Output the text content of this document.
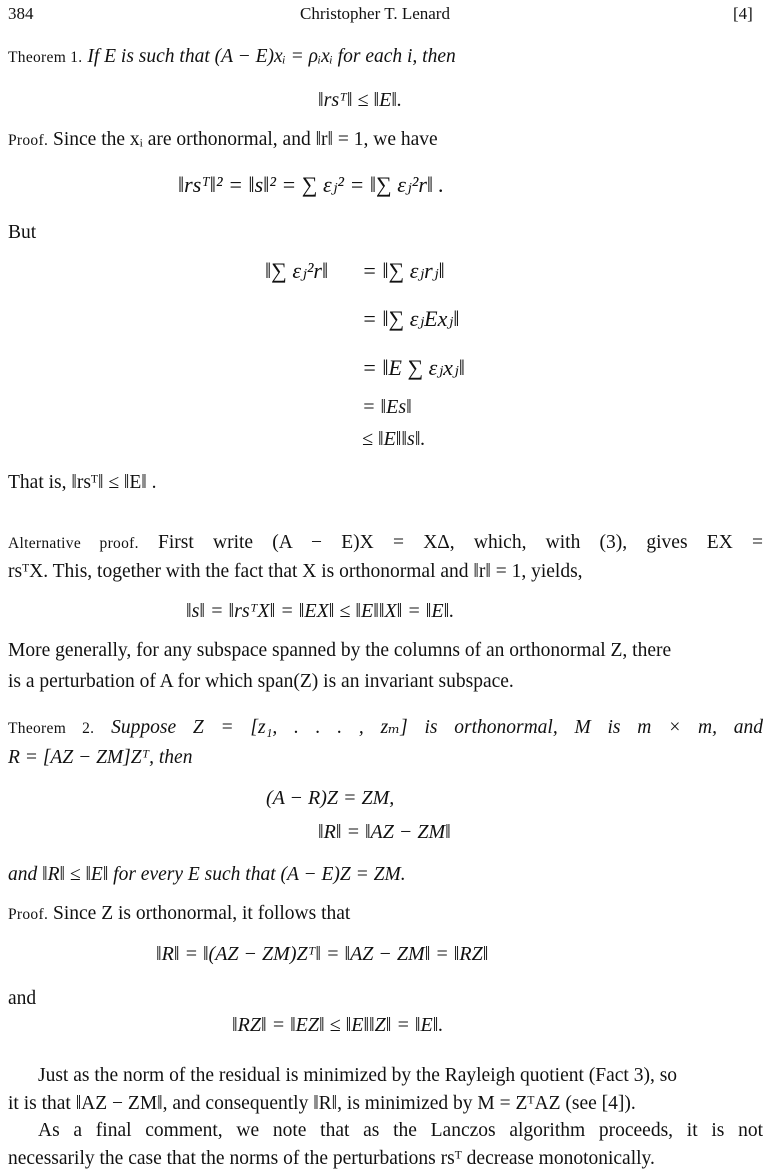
384	Christopher T. Lenard	[4]
Theorem 1. If E is such that (A − E)xᵢ = ρᵢxᵢ for each i, then
‖rsᵀ‖ ≤ ‖E‖.
Proof. Since the xᵢ are orthonormal, and ‖r‖ = 1, we have
‖rsᵀ‖² = ‖s‖² = ∑ εⱼ² = ‖∑ εⱼ²r‖ .
But
‖∑ εⱼ²r‖ = ‖∑ εⱼrⱼ‖
= ‖∑ εⱼExⱼ‖
= ‖E ∑ εⱼxⱼ‖
= ‖Es‖
≤ ‖E‖‖s‖.
That is, ‖rsᵀ‖ ≤ ‖E‖ .
Alternative proof. First write (A − E)X = XΔ, which, with (3), gives EX =
rsᵀX. This, together with the fact that X is orthonormal and ‖r‖ = 1, yields,
‖s‖ = ‖rsᵀX‖ = ‖EX‖ ≤ ‖E‖‖X‖ = ‖E‖.
More generally, for any subspace spanned by the columns of an orthonormal Z, there
is a perturbation of A for which span(Z) is an invariant subspace.
Theorem 2. Suppose Z = [z₁, . . . , zₘ] is orthonormal, M is m × m, and
R = [AZ − ZM]Zᵀ, then
(A − R)Z = ZM,
‖R‖ = ‖AZ − ZM‖
and ‖R‖ ≤ ‖E‖ for every E such that (A − E)Z = ZM.
Proof. Since Z is orthonormal, it follows that
‖R‖ = ‖(AZ − ZM)Zᵀ‖ = ‖AZ − ZM‖ = ‖RZ‖
and
‖RZ‖ = ‖EZ‖ ≤ ‖E‖‖Z‖ = ‖E‖.
Just as the norm of the residual is minimized by the Rayleigh quotient (Fact 3), so
it is that ‖AZ − ZM‖, and consequently ‖R‖, is minimized by M = ZᵀAZ (see [4]).
As a final comment, we note that as the Lanczos algorithm proceeds, it is not
necessarily the case that the norms of the perturbations rsᵀ decrease monotonically.
